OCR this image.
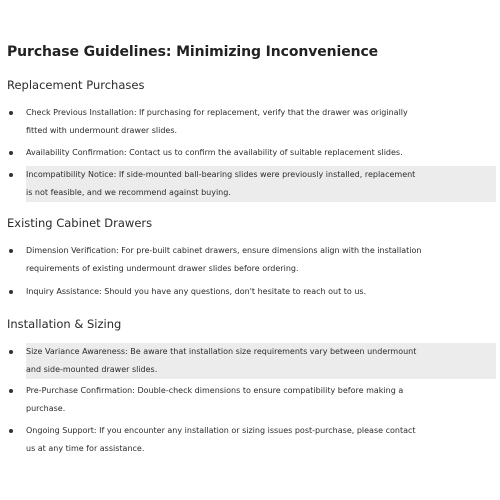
Purchase Guidelines: Minimizing Inconvenience
Replacement Purchases
Check Previous Installation: If purchasing for replacement, verify that the drawer was originally
fitted with undermount drawer slides.
Availability Confirmation: Contact us to confirm the availability of suitable replacement slides.
Incompatibility Notice: If side-mounted ball-bearing slides were previously installed, replacement
is not feasible, and we recommend against buying.
Existing Cabinet Drawers
Dimension Verification: For pre-built cabinet drawers, ensure dimensions align with the installation
requirements of existing undermount drawer slides before ordering.
Inquiry Assistance: Should you have any questions, don't hesitate to reach out to us.
Installation & Sizing
Size Variance Awareness: Be aware that installation size requirements vary between undermount
and side-mounted drawer slides.
Pre-Purchase Confirmation: Double-check dimensions to ensure compatibility before making a
purchase.
Ongoing Support: If you encounter any installation or sizing issues post-purchase, please contact
us at any time for assistance.
